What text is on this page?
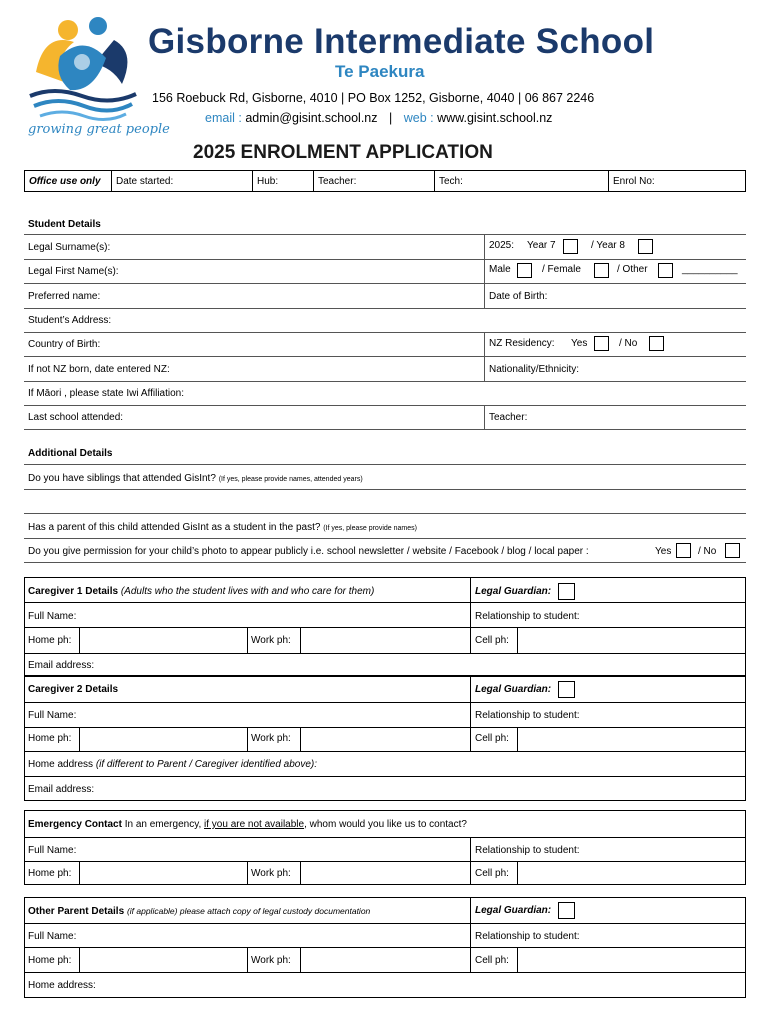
growing great people
Gisborne Intermediate School
Te Paekura
156 Roebuck Rd, Gisborne, 4010 | PO Box 1252, Gisborne, 4040 | 06 867 2246
email : admin@gisint.school.nz | web : www.gisint.school.nz
2025 ENROLMENT APPLICATION
Office use only Date started:	Hub:	Teacher:	Tech:	Enrol No:
Student Details
Legal Surname(s):	2025: Year 7	/ Year 8
Legal First Name(s):	Male	/ Female	/ Other	__________
Preferred name:	Date of Birth:
Student’s Address:
Country of Birth:	NZ Residency: Yes	/ No
If not NZ born, date entered NZ:	Nationality/Ethnicity:
If Māori , please state Iwi Affiliation:
Last school attended:	Teacher:
Additional Details
Do you have siblings that attended GisInt? (If yes, please provide names, attended years)
Has a parent of this child attended GisInt as a student in the past? (If yes, please provide names)
Do you give permission for your child’s photo to appear publicly i.e. school newsletter / website / Facebook / blog / local paper :	Yes	/ No
Caregiver 1 Details (Adults who the student lives with and who care for them)	Legal Guardian:
Full Name:	Relationship to student:
Home ph:	Work ph:	Cell ph:
Email address:
Caregiver 2 Details	Legal Guardian:
Full Name:	Relationship to student:
Home ph:	Work ph:	Cell ph:
Home address (if different to Parent / Caregiver identified above):
Email address:
Emergency Contact In an emergency, if you are not available, whom would you like us to contact?
Full Name:	Relationship to student:
Home ph:	Work ph:	Cell ph:
Other Parent Details (if applicable) please attach copy of legal custody documentation	Legal Guardian:
Full Name:	Relationship to student:
Home ph:	Work ph:	Cell ph:
Home address:
